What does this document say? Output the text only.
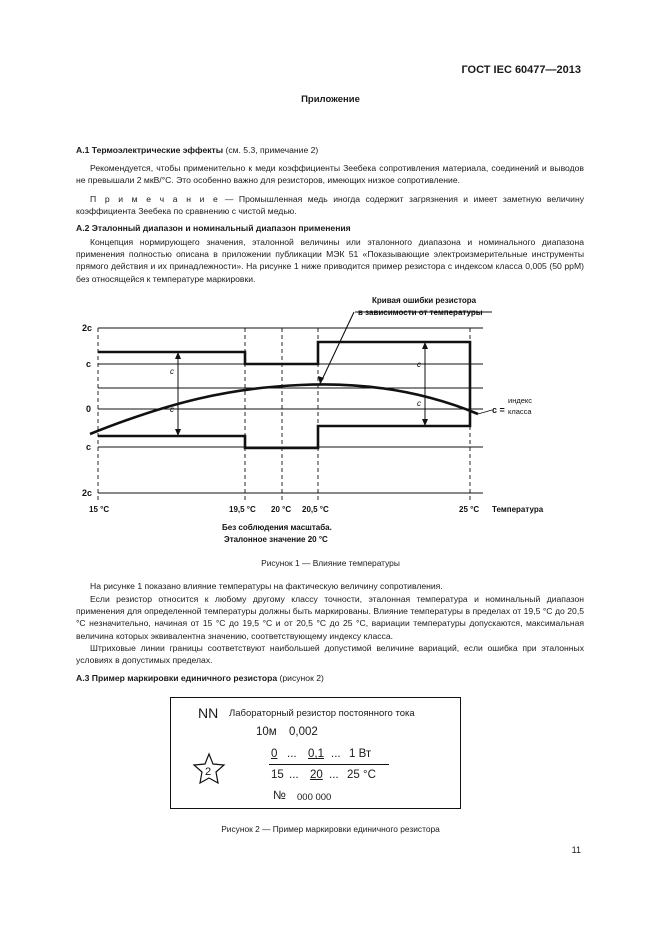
ГОСТ IEC 60477—2013
Приложение
А.1 Термоэлектрические эффекты (см. 5.3, примечание 2)
Рекомендуется, чтобы применительно к меди коэффициенты Зеебека сопротивления материала, соединений и выводов не превышали 2 мкВ/°С. Это особенно важно для резисторов, имеющих низкое сопротивление.
П р и м е ч а н и е — Промышленная медь иногда содержит загрязнения и имеет заметную величину коэффициента Зеебека по сравнению с чистой медью.
А.2 Эталонный диапазон и номинальный диапазон применения
Концепция нормирующего значения, эталонной величины или эталонного диапазона и номинального диапазона применения полностью описана в приложении публикации МЭК 51 «Показывающие электроизмерительные инструменты прямого действия и их принадлежности». На рисунке 1 ниже приводится пример резистора с индексом класса 0,005 (50 ppM) без относящейся к температуре маркировки.
2c
c
0
c
2c
c
c
c
c
Кривая ошибки резистора
в зависимости от температуры
c =
индекс
класса
15 °С	19,5 °С 20 °С 20,5 °С	25 °С Температура
Без соблюдения масштаба.
Эталонное значение 20 °С
Рисунок 1 — Влияние температуры
На рисунке 1 показано влияние температуры на фактическую величину сопротивления.
Если резистор относится к любому другому классу точности, эталонная температура и номинальный диапазон применения для определенной температуры должны быть маркированы. Влияние температуры в пределах от 19,5 °С до 20,5 °С незначительно, начиная от 15 °С до 19,5 °С и от 20,5 °С до 25 °С, вариации температуры допускаются, максимальная величина которых эквивалентна значению, соответствующему индексу класса.
Штриховые линии границы соответствуют наибольшей допустимой величине вариаций, если ошибка при эталонных условиях в допустимых пределах.
А.3 Пример маркировки единичного резистора (рисунок 2)
NN Лабораторный резистор постоянного тока
10м 0,002
0 ... 0,1 ... 1 Вт
15 ... 20 ... 25 °С
№ 000 000
2
Рисунок 2 — Пример маркировки единичного резистора
11
